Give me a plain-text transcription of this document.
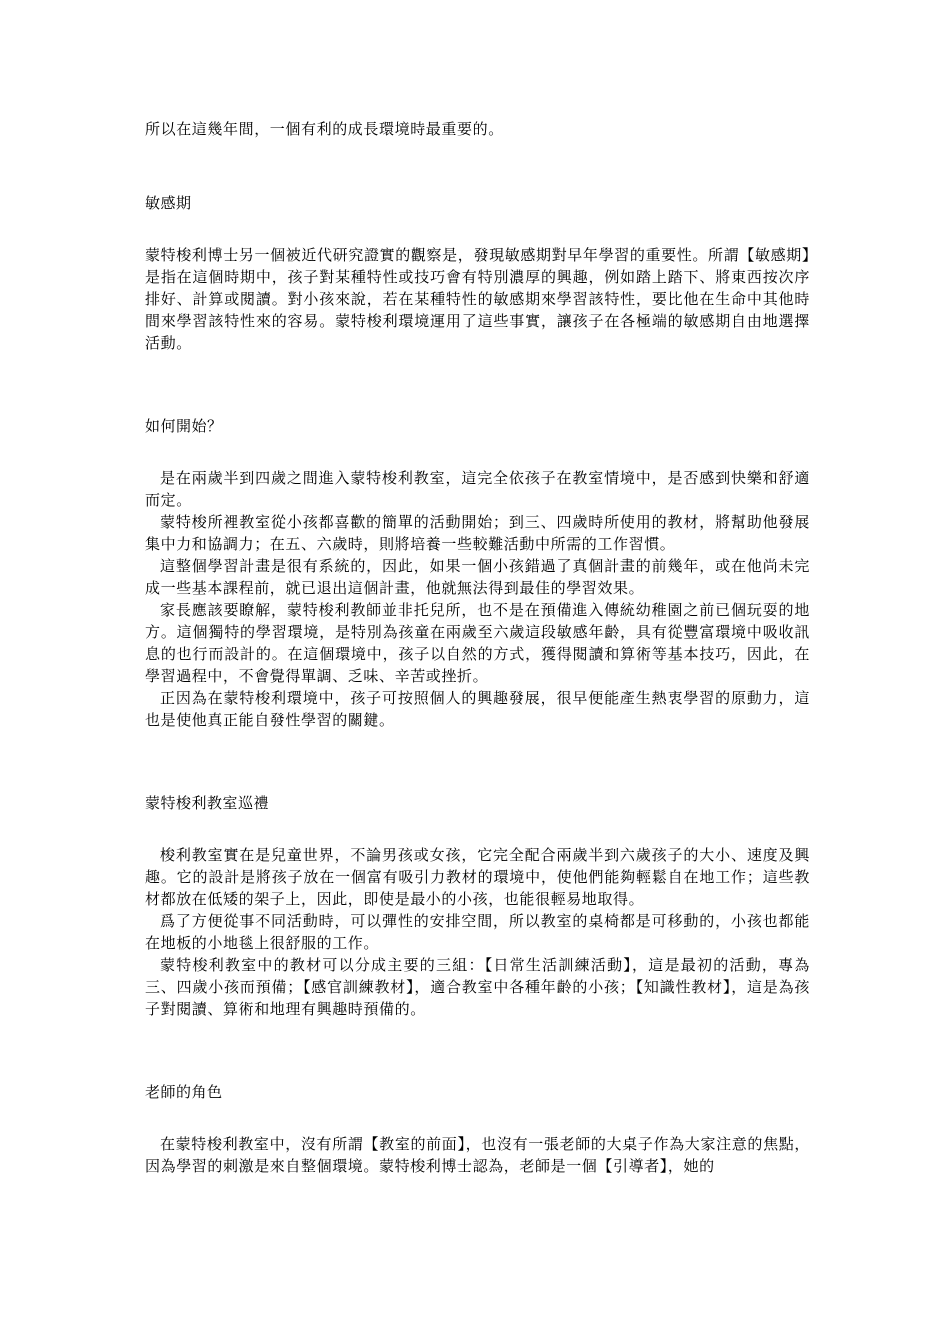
所以在這幾年間，一個有利的成長環境時最重要的。

敏感期

蒙特梭利博士另一個被近代研究證實的觀察是，發現敏感期對早年學習的重要性。所謂【敏感期】是指在這個時期中，孩子對某種特性或技巧會有特別濃厚的興趣，例如踏上踏下、將東西按次序排好、計算或閱讀。對小孩來說，若在某種特性的敏感期來學習該特性，要比他在生命中其他時間來學習該特性來的容易。蒙特梭利環境運用了這些事實，讓孩子在各極端的敏感期自由地選擇活動。

如何開始？

是在兩歲半到四歲之間進入蒙特梭利教室，這完全依孩子在教室情境中，是否感到快樂和舒適而定。

蒙特梭所裡教室從小孩都喜歡的簡單的活動開始；到三、四歲時所使用的教材，將幫助他發展集中力和協調力；在五、六歲時，則將培養一些較難活動中所需的工作習慣。

這整個學習計畫是很有系統的，因此，如果一個小孩錯過了真個計畫的前幾年，或在他尚未完成一些基本課程前，就已退出這個計畫，他就無法得到最佳的學習效果。

家長應該要瞭解，蒙特梭利教師並非托兒所，也不是在預備進入傳統幼稚園之前已個玩耍的地方。這個獨特的學習環境，是特別為孩童在兩歲至六歲這段敏感年齡，具有從豐富環境中吸收訊息的也行而設計的。在這個環境中，孩子以自然的方式，獲得閱讀和算術等基本技巧，因此，在學習過程中，不會覺得單調、乏味、辛苦或挫折。

正因為在蒙特梭利環境中，孩子可按照個人的興趣發展，很早便能產生熱衷學習的原動力，這也是使他真正能自發性學習的關鍵。

蒙特梭利教室巡禮

梭利教室實在是兒童世界，不論男孩或女孩，它完全配合兩歲半到六歲孩子的大小、速度及興趣。它的設計是將孩子放在一個富有吸引力教材的環境中，使他們能夠輕鬆自在地工作；這些教材都放在低矮的架子上，因此，即使是最小的小孩，也能很輕易地取得。

爲了方便從事不同活動時，可以彈性的安排空間，所以教室的桌椅都是可移動的，小孩也都能在地板的小地毯上很舒服的工作。

蒙特梭利教室中的教材可以分成主要的三組：【日常生活訓練活動】，這是最初的活動，專為三、四歲小孩而預備；【感官訓練教材】，適合教室中各種年齡的小孩；【知識性教材】，這是為孩子對閱讀、算術和地理有興趣時預備的。

老師的角色

在蒙特梭利教室中，沒有所謂【教室的前面】，也沒有一張老師的大桌子作為大家注意的焦點，因為學習的刺激是來自整個環境。蒙特梭利博士認為，老師是一個【引導者】，她的
